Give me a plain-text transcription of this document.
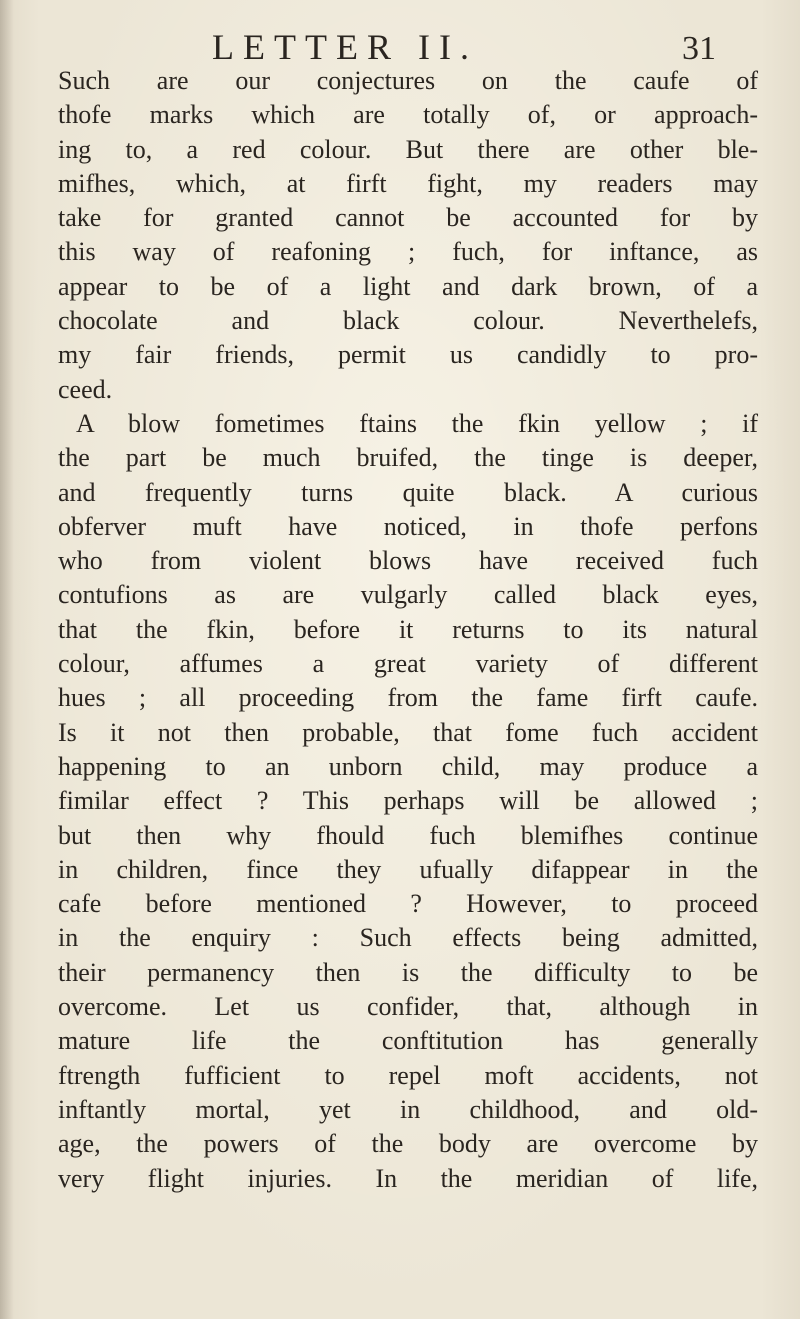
LETTER II.	31
Such are our conjectures on the caufe of
thofe marks which are totally of, or approach-
ing to, a red colour. But there are other ble-
mifhes, which, at firft fight, my readers may
take for granted cannot be accounted for by
this way of reafoning ; fuch, for inftance, as
appear to be of a light and dark brown, of a
chocolate and black colour. Neverthelefs,
my fair friends, permit us candidly to pro-
ceed.
A blow fometimes ftains the fkin yellow ; if
the part be much bruifed, the tinge is deeper,
and frequently turns quite black. A curious
obferver muft have noticed, in thofe perfons
who from violent blows have received fuch
contufions as are vulgarly called black eyes,
that the fkin, before it returns to its natural
colour, affumes a great variety of different
hues ; all proceeding from the fame firft caufe.
Is it not then probable, that fome fuch accident
happening to an unborn child, may produce a
fimilar effect ? This perhaps will be allowed ;
but then why fhould fuch blemifhes continue
in children, fince they ufually difappear in the
cafe before mentioned ? However, to proceed
in the enquiry : Such effects being admitted,
their permanency then is the difficulty to be
overcome. Let us confider, that, although in
mature life the conftitution has generally
ftrength fufficient to repel moft accidents, not
inftantly mortal, yet in childhood, and old-
age, the powers of the body are overcome by
very flight injuries. In the meridian of life,
